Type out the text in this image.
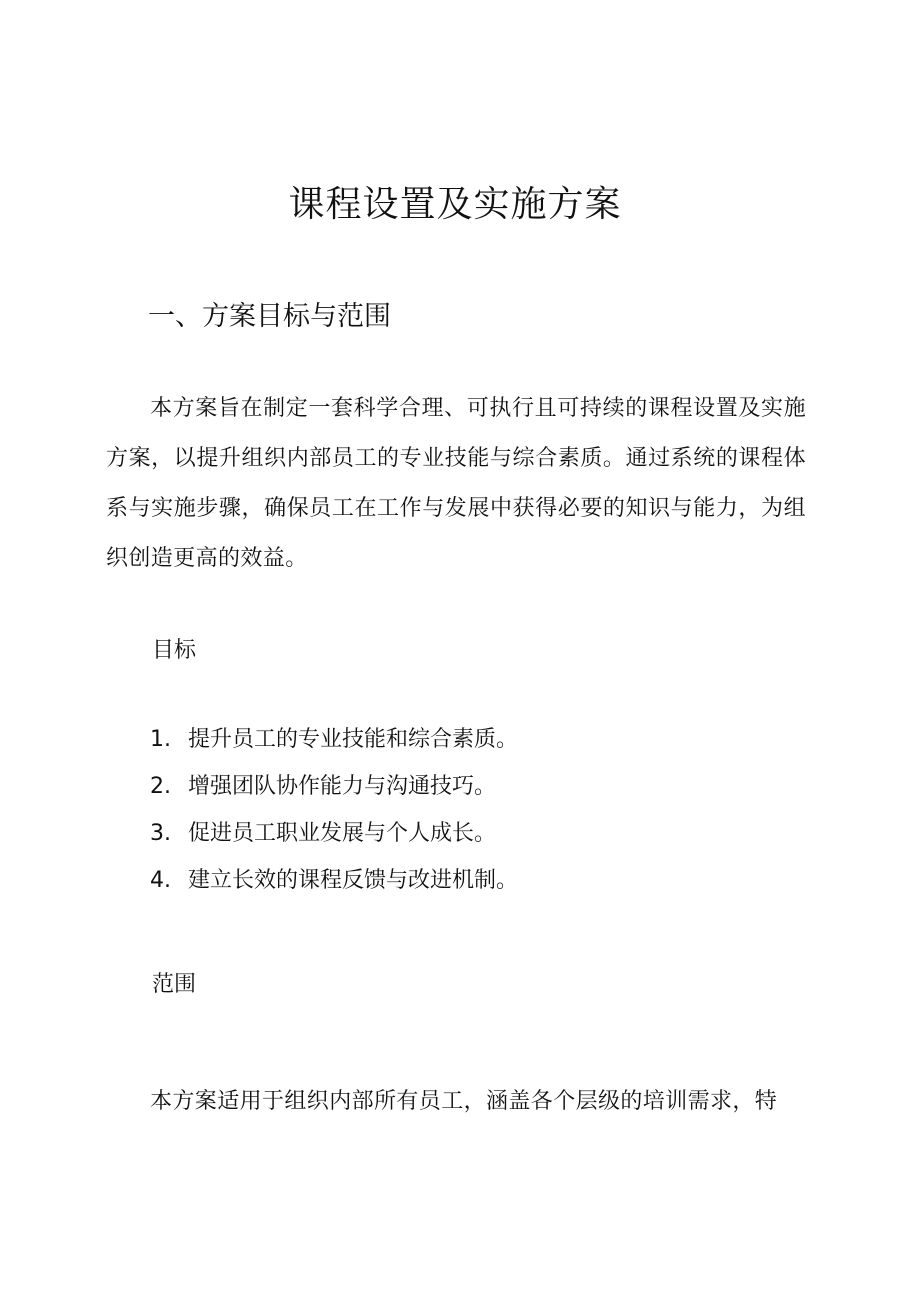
课程设置及实施方案
一、方案目标与范围

本方案旨在制定一套科学合理、可执行且可持续的课程设置及实施方案，以提升组织内部员工的专业技能与综合素质。通过系统的课程体系与实施步骤，确保员工在工作与发展中获得必要的知识与能力，为组织创造更高的效益。

目标
1. 提升员工的专业技能和综合素质。
2. 增强团队协作能力与沟通技巧。
3. 促进员工职业发展与个人成长。
4. 建立长效的课程反馈与改进机制。
范围

本方案适用于组织内部所有员工，涵盖各个层级的培训需求，特
